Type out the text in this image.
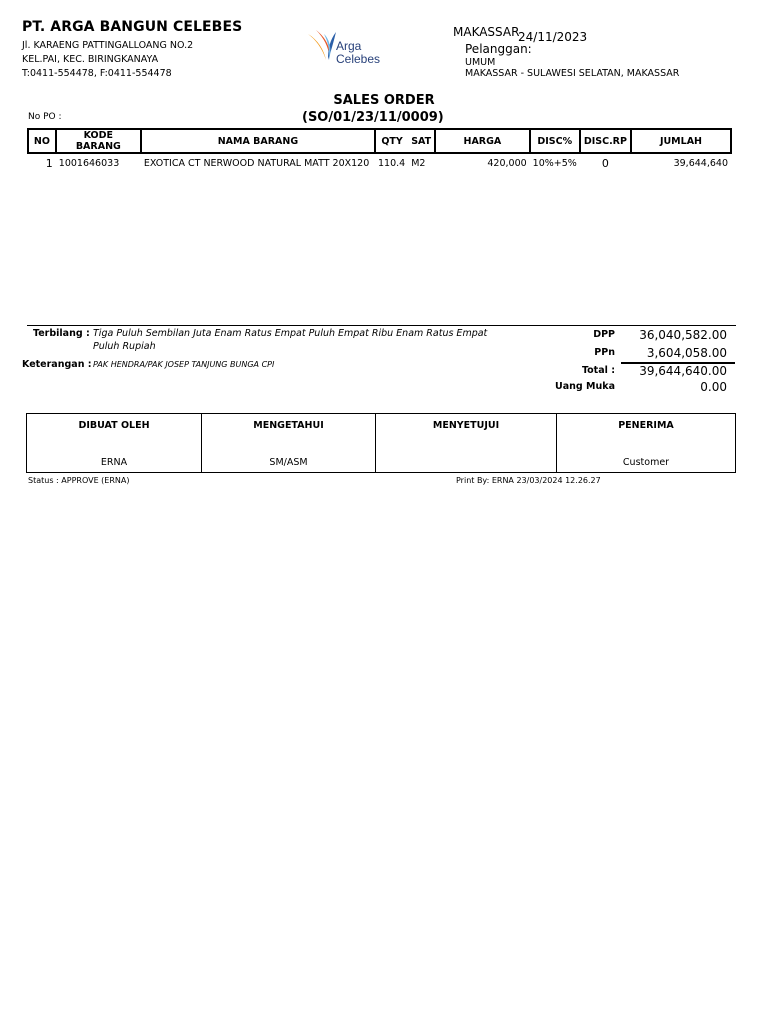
PT. ARGA BANGUN CELEBES
Jl. KARAENG PATTINGALLOANG NO.2
KEL.PAI, KEC. BIRINGKANAYA
T:0411-554478, F:0411-554478
Arga
Celebes
MAKASSAR
24/11/2023
Pelanggan:
UMUM
MAKASSAR - SULAWESI SELATAN, MAKASSAR
SALES ORDER
(SO/01/23/11/0009)
No PO :
NO	KODE BARANG	NAMA BARANG	QTY	SAT	HARGA	DISC%	DISC.RP	JUMLAH
1	1001646033	EXOTICA CT NERWOOD NATURAL MATT 20X120	110.4	M2	420,000	10%+5%	0	39,644,640
Terbilang : Tiga Puluh Sembilan Juta Enam Ratus Empat Puluh Empat Ribu Enam Ratus Empat
Puluh Rupiah
Keterangan : PAK HENDRA/PAK JOSEP TANJUNG BUNGA CPI
DPP	36,040,582.00
PPn	3,604,058.00
Total :	39,644,640.00
Uang Muka	0.00
DIBUAT OLEH
ERNA

MENGETAHUI
SM/ASM

MENYETUJUI	PENERIMA
Customer
Status : APPROVE (ERNA)	Print By: ERNA 23/03/2024 12.26.27
